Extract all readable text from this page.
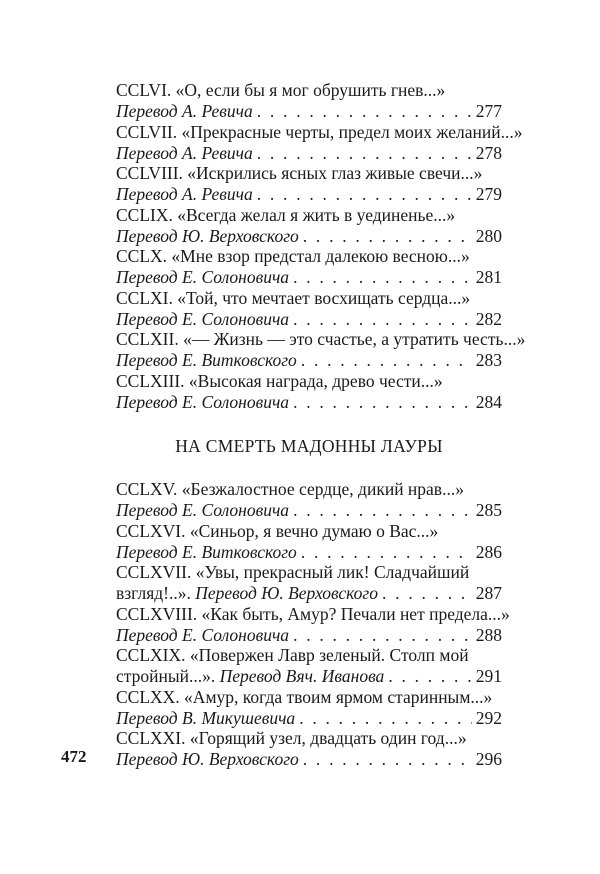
CCLVI. «О, если бы я мог обрушить гнев...»
Перевод А. Ревича . . .	277
CCLVII. «Прекрасные черты, предел моих желаний...»
Перевод А. Ревича . . .	278
CCLVIII. «Искрились ясных глаз живые свечи...»
Перевод А. Ревича . . .	279
CCLIX. «Всегда желал я жить в уединенье...»
Перевод Ю. Верховского . . .	280
CCLX. «Мне взор предстал далекою весною...»
Перевод Е. Солоновича . . .	281
CCLXI. «Той, что мечтает восхищать сердца...»
Перевод Е. Солоновича . . .	282
CCLXII. «— Жизнь — это счастье, а утратить честь...»
Перевод Е. Витковского . . .	283
CCLXIII. «Высокая награда, древо чести...»
Перевод Е. Солоновича . . .	284
НА СМЕРТЬ МАДОННЫ ЛАУРЫ
CCLXV. «Безжалостное сердце, дикий нрав...»
Перевод Е. Солоновича . . .	285
CCLXVI. «Синьор, я вечно думаю о Вас...»
Перевод Е. Витковского . . .	286
CCLXVII. «Увы, прекрасный лик! Сладчайший
взгляд!..».
Перевод Ю. Верховского . . .	287
CCLXVIII. «Как быть, Амур? Печали нет предела...»
Перевод Е. Солоновича . . .	288
CCLXIX. «Повержен Лавр зеленый. Столп мой
стройный...».
Перевод Вяч. Иванова . . .	291
CCLXX. «Амур, когда твоим ярмом старинным...»
Перевод В. Микушевича . . .	292
CCLXXI. «Горящий узел, двадцать один год...»
Перевод Ю. Верховского . . .	296
472
